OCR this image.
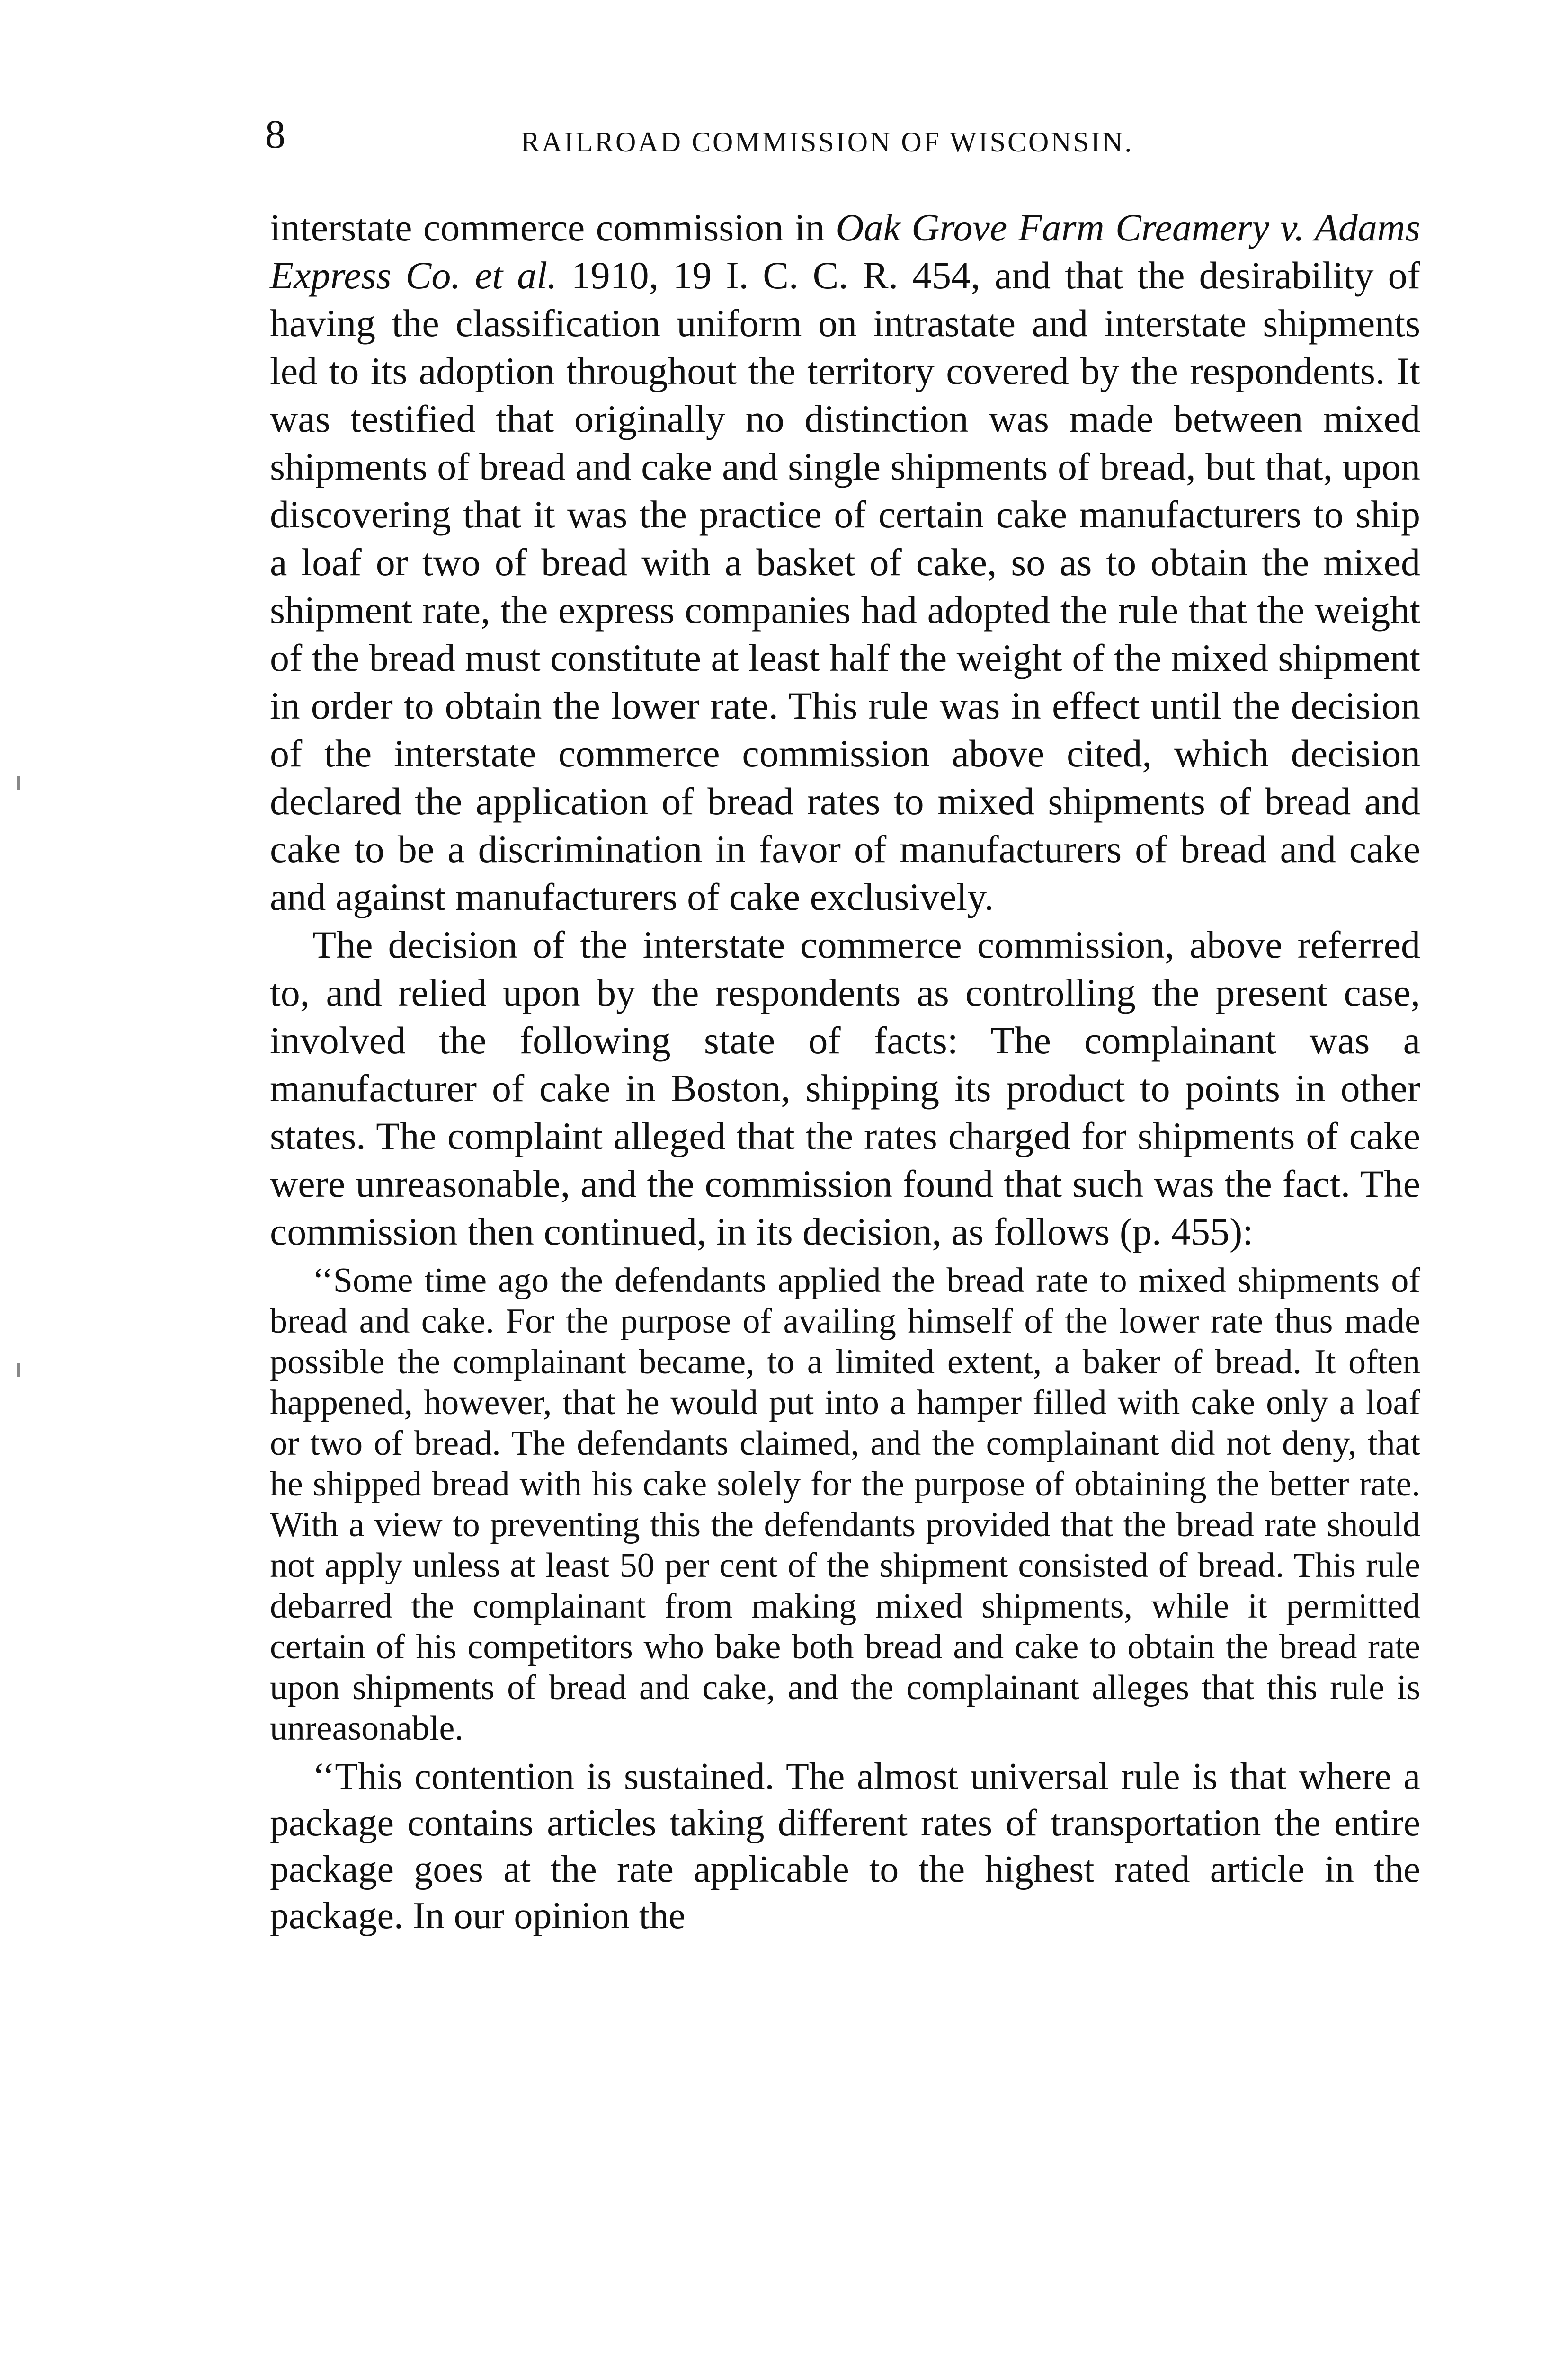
8	RAILROAD COMMISSION OF WISCONSIN.

interstate commerce commission in Oak Grove Farm Creamery v. Adams Express Co. et al. 1910, 19 I. C. C. R. 454, and that the desirability of having the classification uniform on intrastate and interstate shipments led to its adoption throughout the territory covered by the respondents. It was testified that originally no distinction was made between mixed shipments of bread and cake and single shipments of bread, but that, upon discovering that it was the practice of certain cake manufacturers to ship a loaf or two of bread with a basket of cake, so as to obtain the mixed shipment rate, the express companies had adopted the rule that the weight of the bread must constitute at least half the weight of the mixed shipment in order to obtain the lower rate. This rule was in effect until the decision of the interstate commerce commission above cited, which decision declared the application of bread rates to mixed shipments of bread and cake to be a discrimination in favor of manufacturers of bread and cake and against manufacturers of cake exclusively.

The decision of the interstate commerce commission, above referred to, and relied upon by the respondents as controlling the present case, involved the following state of facts: The complainant was a manufacturer of cake in Boston, shipping its product to points in other states. The complaint alleged that the rates charged for shipments of cake were unreasonable, and the commission found that such was the fact. The commission then continued, in its decision, as follows (p. 455):

‘‘Some time ago the defendants applied the bread rate to mixed shipments of bread and cake. For the purpose of availing himself of the lower rate thus made possible the complainant became, to a limited extent, a baker of bread. It often happened, however, that he would put into a hamper filled with cake only a loaf or two of bread. The defendants claimed, and the complainant did not deny, that he shipped bread with his cake solely for the purpose of obtaining the better rate. With a view to preventing this the defendants provided that the bread rate should not apply unless at least 50 per cent of the shipment consisted of bread. This rule debarred the complainant from making mixed shipments, while it permitted certain of his competitors who bake both bread and cake to obtain the bread rate upon shipments of bread and cake, and the complainant alleges that this rule is unreasonable.

‘‘This contention is sustained. The almost universal rule is that where a package contains articles taking different rates of transportation the entire package goes at the rate applicable to the highest rated article in the package. In our opinion the
